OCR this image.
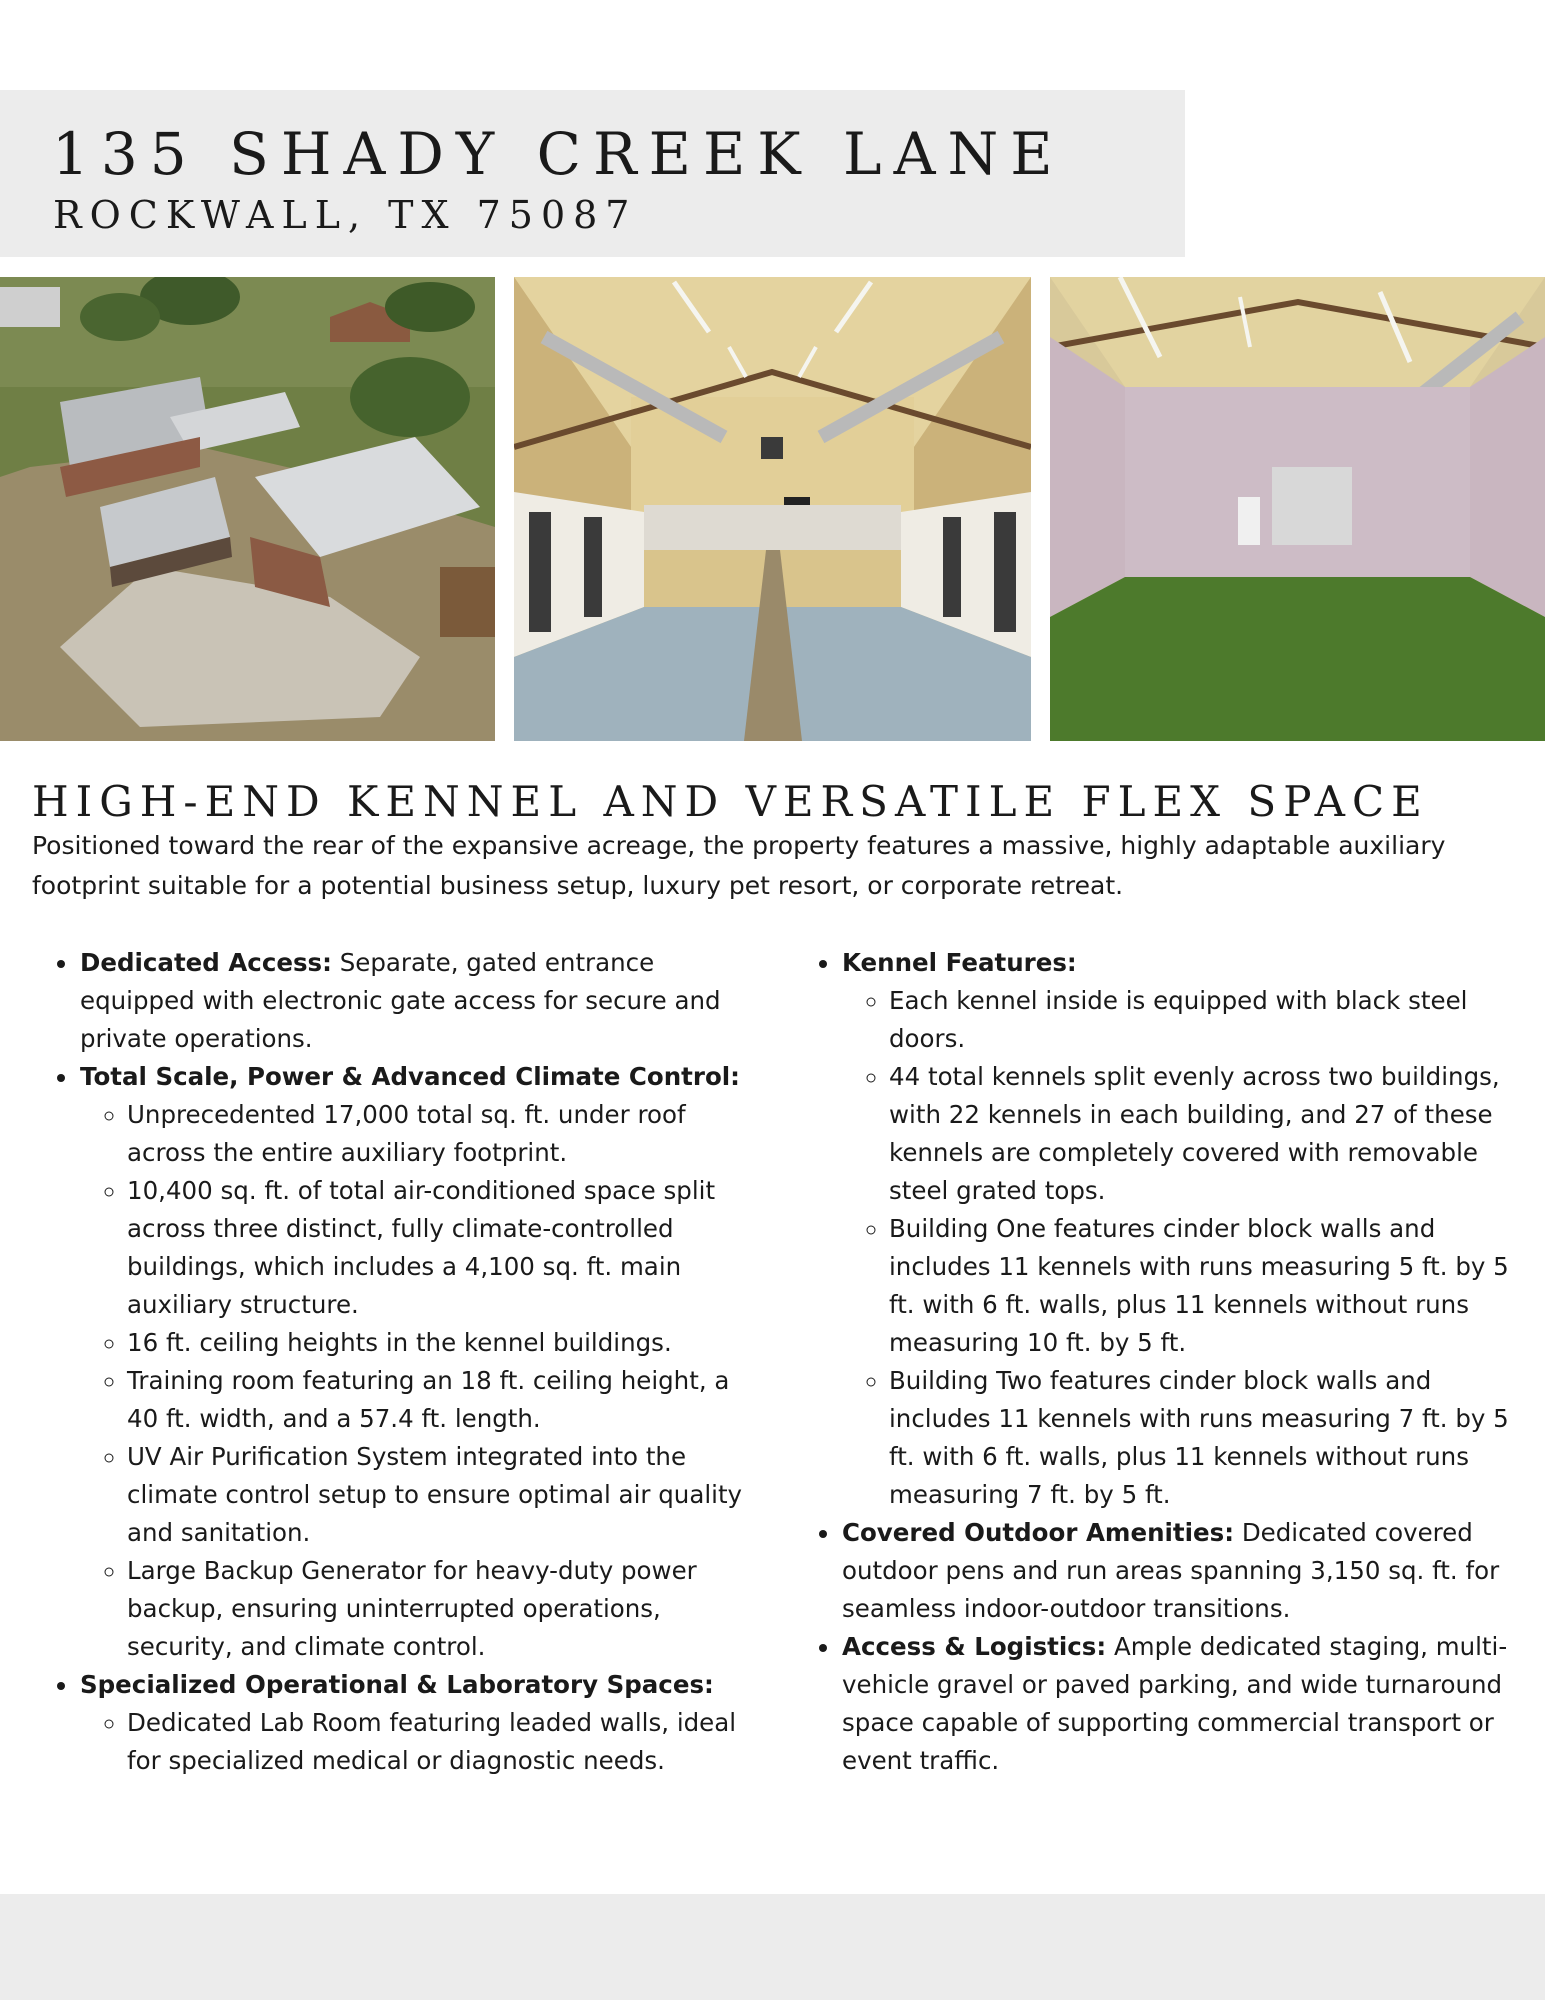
135 SHADY CREEK LANE
ROCKWALL, TX 75087
HIGH-END KENNEL AND VERSATILE FLEX SPACE

Positioned toward the rear of the expansive acreage, the property features a massive, highly adaptable auxiliary footprint suitable for a potential business setup, luxury pet resort, or corporate retreat.

• Dedicated Access: Separate, gated entrance equipped with electronic gate access for secure and private operations.
• Total Scale, Power & Advanced Climate Control:
◦ Unprecedented 17,000 total sq. ft. under roof across the entire auxiliary footprint.
◦ 10,400 sq. ft. of total air-conditioned space split across three distinct, fully climate-controlled buildings, which includes a 4,100 sq. ft. main auxiliary structure.
◦ 16 ft. ceiling heights in the kennel buildings.
◦ Training room featuring an 18 ft. ceiling height, a 40 ft. width, and a 57.4 ft. length.
◦ UV Air Purification System integrated into the climate control setup to ensure optimal air quality and sanitation.
◦ Large Backup Generator for heavy-duty power backup, ensuring uninterrupted operations, security, and climate control.
• Specialized Operational & Laboratory Spaces:
◦ Dedicated Lab Room featuring leaded walls, ideal for specialized medical or diagnostic needs.
• Kennel Features:
◦ Each kennel inside is equipped with black steel doors.
◦ 44 total kennels split evenly across two buildings, with 22 kennels in each building, and 27 of these kennels are completely covered with removable steel grated tops.
◦ Building One features cinder block walls and includes 11 kennels with runs measuring 5 ft. by 5 ft. with 6 ft. walls, plus 11 kennels without runs measuring 10 ft. by 5 ft.
◦ Building Two features cinder block walls and includes 11 kennels with runs measuring 7 ft. by 5 ft. with 6 ft. walls, plus 11 kennels without runs measuring 7 ft. by 5 ft.
• Covered Outdoor Amenities: Dedicated covered outdoor pens and run areas spanning 3,150 sq. ft. for seamless indoor-outdoor transitions.
• Access & Logistics: Ample dedicated staging, multi-vehicle gravel or paved parking, and wide turnaround space capable of supporting commercial transport or event traffic.
